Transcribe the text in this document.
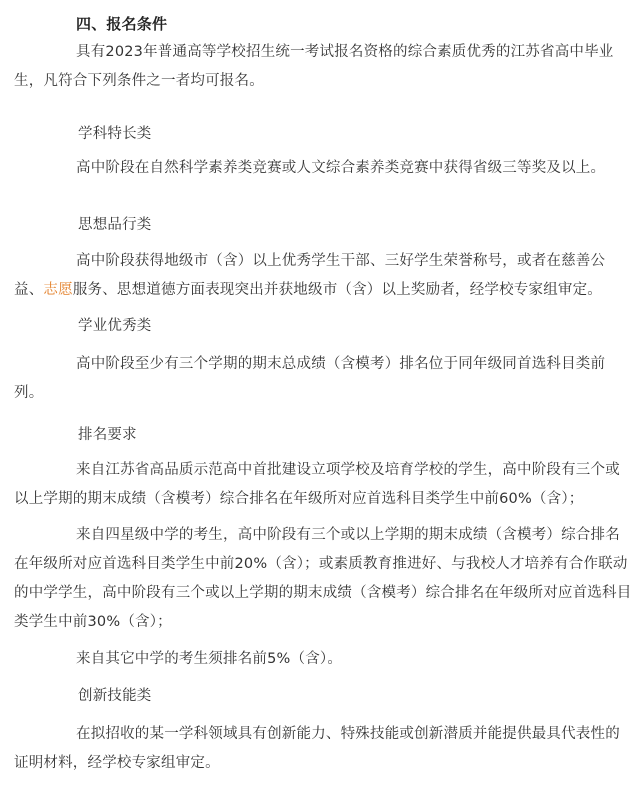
四、报名条件

具有2023年普通高等学校招生统一考试报名资格的综合素质优秀的江苏省高中毕业生，凡符合下列条件之一者均可报名。

学科特长类

高中阶段在自然科学素养类竞赛或人文综合素养类竞赛中获得省级三等奖及以上。

思想品行类

高中阶段获得地级市（含）以上优秀学生干部、三好学生荣誉称号，或者在慈善公益、志愿服务、思想道德方面表现突出并获地级市（含）以上奖励者，经学校专家组审定。

学业优秀类

高中阶段至少有三个学期的期末总成绩（含模考）排名位于同年级同首选科目类前列。

排名要求

来自江苏省高品质示范高中首批建设立项学校及培育学校的学生，高中阶段有三个或以上学期的期末成绩（含模考）综合排名在年级所对应首选科目类学生中前60%（含）；

来自四星级中学的考生，高中阶段有三个或以上学期的期末成绩（含模考）综合排名在年级所对应首选科目类学生中前20%（含）；或素质教育推进好、与我校人才培养有合作联动的中学学生，高中阶段有三个或以上学期的期末成绩（含模考）综合排名在年级所对应首选科目类学生中前30%（含）；

来自其它中学的考生须排名前5%（含）。

创新技能类

在拟招收的某一学科领域具有创新能力、特殊技能或创新潜质并能提供最具代表性的证明材料，经学校专家组审定。
